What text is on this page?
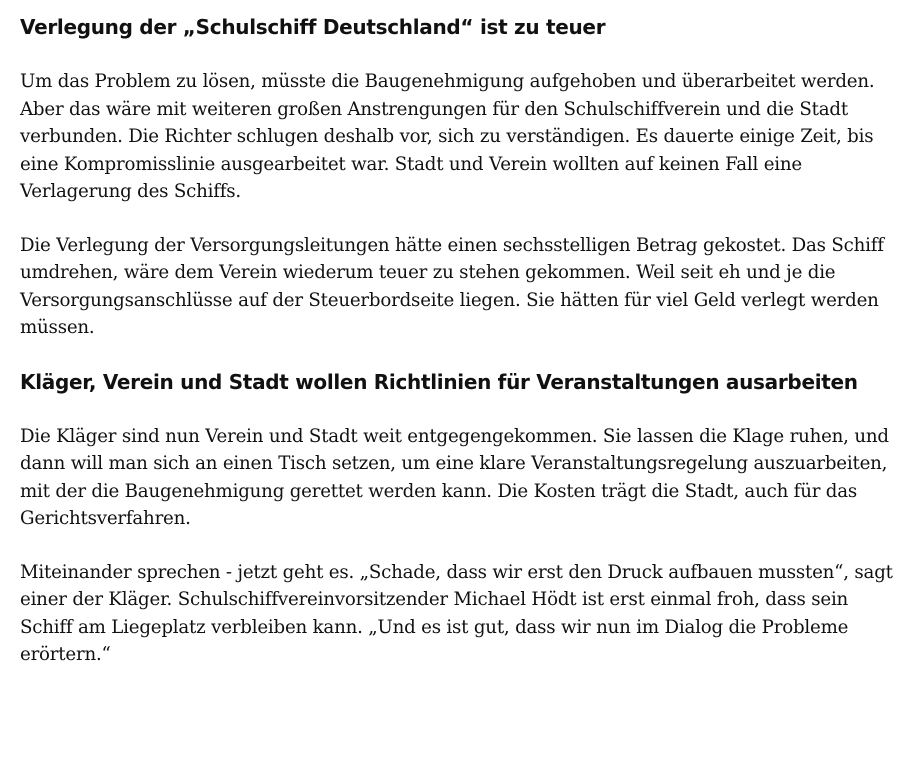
Verlegung der „Schulschiff Deutschland“ ist zu teuer

Um das Problem zu lösen, müsste die Baugenehmigung aufgehoben und überarbeitet werden. Aber das wäre mit weiteren großen Anstrengungen für den Schulschiffverein und die Stadt verbunden. Die Richter schlugen deshalb vor, sich zu verständigen. Es dauerte einige Zeit, bis eine Kompromisslinie ausgearbeitet war. Stadt und Verein wollten auf keinen Fall eine Verlagerung des Schiffs.

Die Verlegung der Versorgungsleitungen hätte einen sechsstelligen Betrag gekostet. Das Schiff umdrehen, wäre dem Verein wiederum teuer zu stehen gekommen. Weil seit eh und je die Versorgungsanschlüsse auf der Steuerbordseite liegen. Sie hätten für viel Geld verlegt werden müssen.

Kläger, Verein und Stadt wollen Richtlinien für Veranstaltungen ausarbeiten

Die Kläger sind nun Verein und Stadt weit entgegengekommen. Sie lassen die Klage ruhen, und dann will man sich an einen Tisch setzen, um eine klare Veranstaltungsregelung auszuarbeiten, mit der die Baugenehmigung gerettet werden kann. Die Kosten trägt die Stadt, auch für das Gerichtsverfahren.

Miteinander sprechen - jetzt geht es. „Schade, dass wir erst den Druck aufbauen mussten“, sagt einer der Kläger. Schulschiffvereinvorsitzender Michael Hödt ist erst einmal froh, dass sein Schiff am Liegeplatz verbleiben kann. „Und es ist gut, dass wir nun im Dialog die Probleme erörtern.“
